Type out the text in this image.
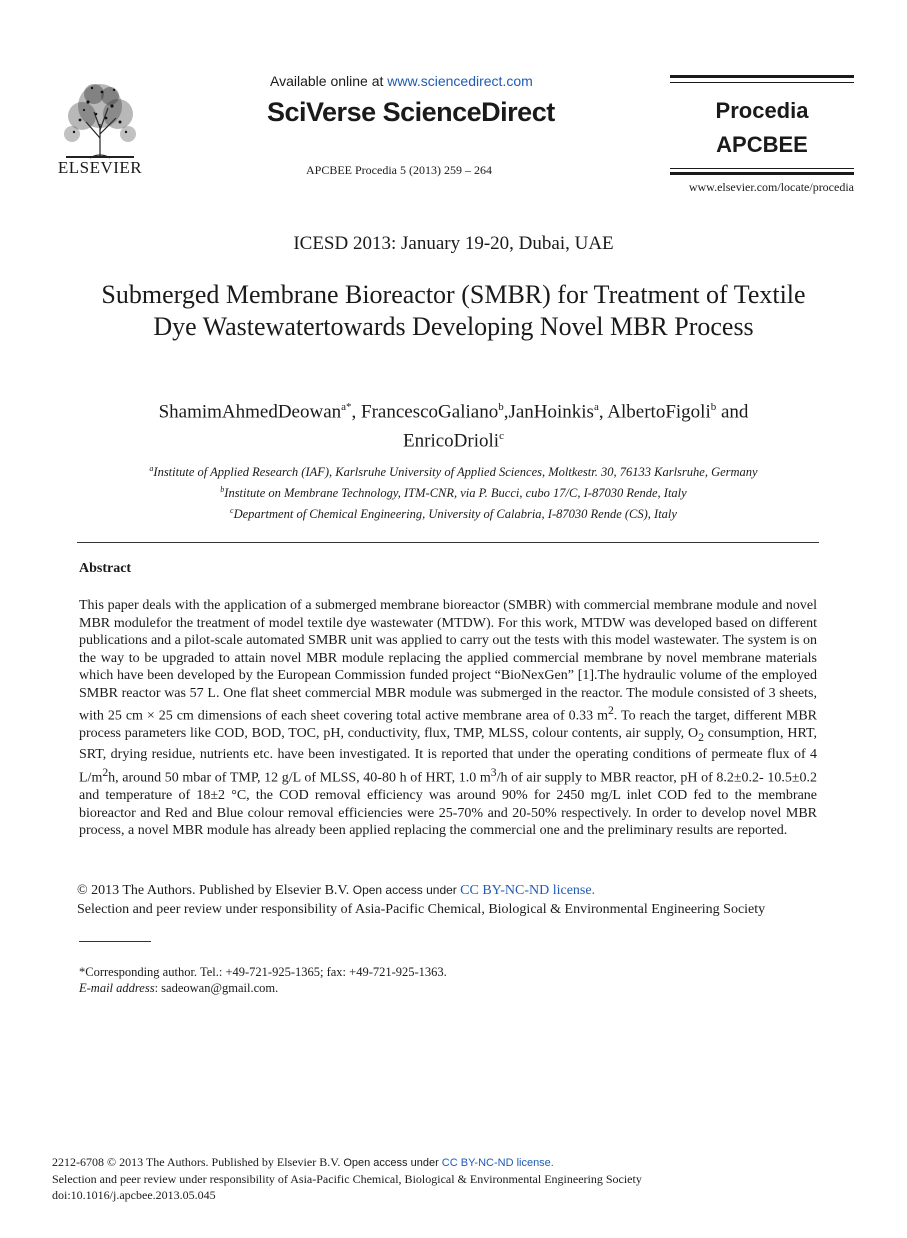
ELSEVIER
Available online at www.sciencedirect.com
SciVerse ScienceDirect
APCBEE Procedia 5 (2013) 259 – 264
Procedia
APCBEE
www.elsevier.com/locate/procedia
ICESD 2013: January 19-20, Dubai, UAE
Submerged Membrane Bioreactor (SMBR) for Treatment of Textile Dye Wastewatertowards Developing Novel MBR Process
ShamimAhmedDeowan$^{a*}$, FrancescoGaliano$^b$,JanHoinkis$^a$, AlbertoFigoli$^b$ and
EnricoDrioli$^c$
$^a$Institute of Applied Research (IAF), Karlsruhe University of Applied Sciences, Moltkestr. 30, 76133 Karlsruhe, Germany
$^b$Institute on Membrane Technology, ITM-CNR, via P. Bucci, cubo 17/C, I-87030 Rende, Italy
$^c$Department of Chemical Engineering, University of Calabria, I-87030 Rende (CS), Italy
Abstract
This paper deals with the application of a submerged membrane bioreactor (SMBR) with commercial membrane module and novel MBR modulefor the treatment of model textile dye wastewater (MTDW). For this work, MTDW was developed based on different publications and a pilot-scale automated SMBR unit was applied to carry out the tests with this model wastewater. The system is on the way to be upgraded to attain novel MBR module replacing the applied commercial membrane by novel membrane materials which have been developed by the European Commission funded project “BioNexGen” [1].The hydraulic volume of the employed SMBR reactor was 57 L. One flat sheet commercial MBR module was submerged in the reactor. The module consisted of 3 sheets, with 25 cm × 25 cm dimensions of each sheet covering total active membrane area of 0.33 $m^2$. To reach the target, different MBR process parameters like COD, BOD, TOC, pH, conductivity, flux, TMP, MLSS, colour contents, air supply, $O_2$ consumption, HRT, SRT, drying residue, nutrients etc. have been investigated. It is reported that under the operating conditions of permeate flux of 4 $L/m^2h$, around 50 mbar of TMP, 12 g/L of MLSS, 40-80 h of HRT, 1.0 $m^3/h$ of air supply to MBR reactor, pH of 8.2±0.2- 10.5±0.2 and temperature of 18±2 °C, the COD removal efficiency was around 90% for 2450 mg/L inlet COD fed to the membrane bioreactor and Red and Blue colour removal efficiencies were 25-70% and 20-50% respectively. In order to develop novel MBR process, a novel MBR module has already been applied replacing the commercial one and the preliminary results are reported.
© 2013 The Authors. Published by Elsevier B.V. Open access under CC BY-NC-ND license.
Selection and peer review under responsibility of Asia-Pacific Chemical, Biological & Environmental Engineering Society
*Corresponding author. Tel.: +49-721-925-1365; fax: +49-721-925-1363.
E-mail address: sadeowan@gmail.com.
2212-6708 © 2013 The Authors. Published by Elsevier B.V. Open access under CC BY-NC-ND license.
Selection and peer review under responsibility of Asia-Pacific Chemical, Biological & Environmental Engineering Society
doi:10.1016/j.apcbee.2013.05.045
